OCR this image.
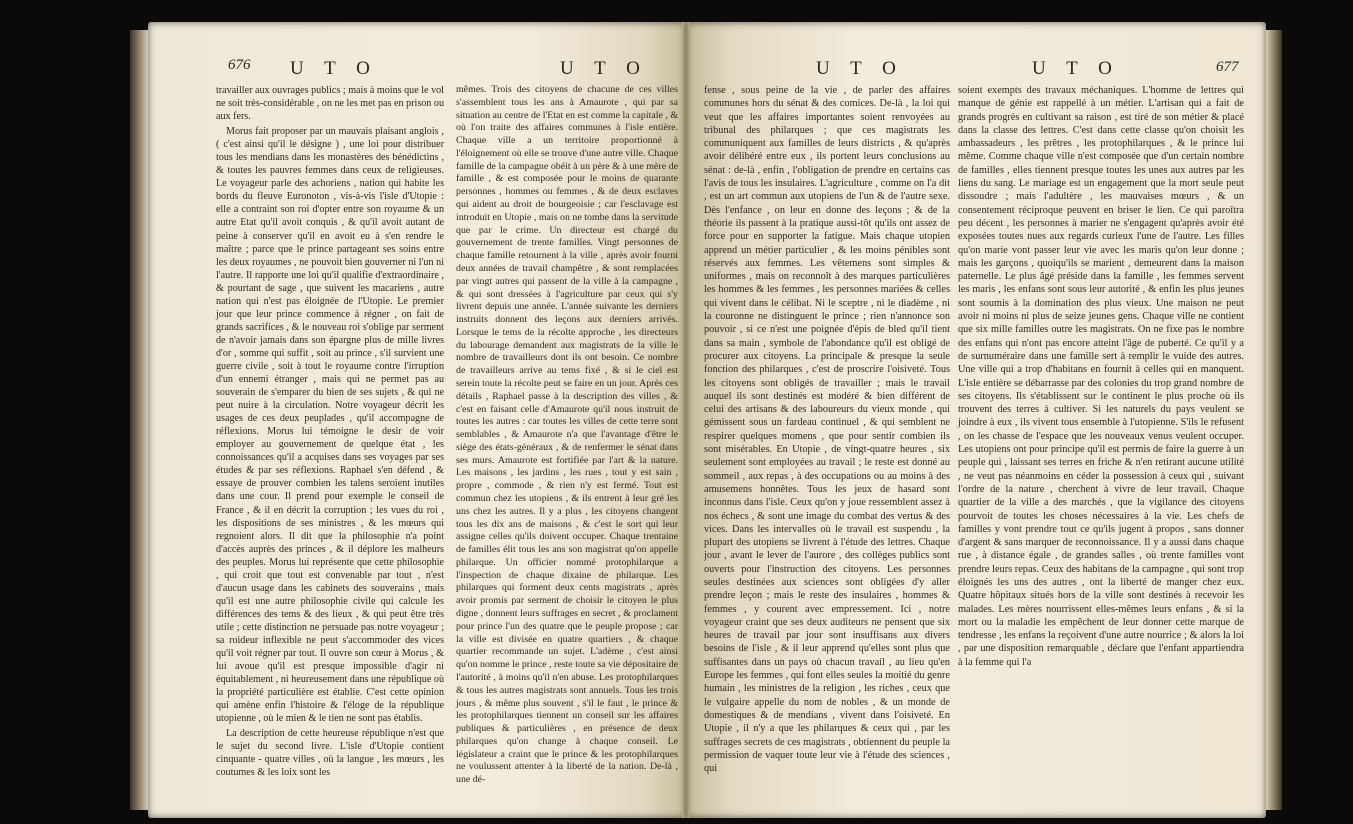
676 U T O	U T O	U T O	U T O	677

travailler aux ouvrages publics ; mais à moins que le vol ne soit très-considérable , on ne les met pas en prison ou aux fers.

Morus fait proposer par un mauvais plaisant anglois , ( c'est ainsi qu'il le désigne ) , une loi pour distribuer tous les mendians dans les monastères des bénédictins , & toutes les pauvres femmes dans ceux de religieuses. Le voyageur parle des achoriens , nation qui habite les bords du fleuve Euronoton , vis-à-vis l'isle d'Utopie : elle a contraint son roi d'opter entre son royaume & un autre Etat qu'il avoit conquis , & qu'il avoit autant de peine à conserver qu'il en avoit eu à s'en rendre le maître ; parce que le prince partageant ses soins entre les deux royaumes , ne pouvoit bien gouverner ni l'un ni l'autre. Il rapporte une loi qu'il qualifie d'extraordinaire , & pourtant de sage , que suivent les macariens , autre nation qui n'est pas éloignée de l'Utopie. Le premier jour que leur prince commence à régner , on fait de grands sacrifices , & le nouveau roi s'oblige par serment de n'avoir jamais dans son épargne plus de mille livres d'or , somme qui suffit , soit au prince , s'il survient une guerre civile , soit à tout le royaume contre l'irruption d'un ennemi étranger , mais qui ne permet pas au souverain de s'emparer du bien de ses sujets , & qui ne peut nuire à la circulation. Notre voyageur décrit les usages de ces deux peuplades , qu'il accompagne de réflexions. Morus lui témoigne le desir de voir employer au gouvernement de quelque état , les connoissances qu'il a acquises dans ses voyages par ses études & par ses réflexions. Raphael s'en défend , & essaye de prouver combien les talens seroient inutiles dans une cour. Il prend pour exemple le conseil de France , & il en décrit la corruption ; les vues du roi , les dispositions de ses ministres , & les mœurs qui regnoient alors. Il dit que la philosophie n'a point d'accès auprès des princes , & il déplore les malheurs des peuples. Morus lui représente que cette philosophie , qui croit que tout est convenable par tout , n'est d'aucun usage dans les cabinets des souverains , mais qu'il est une autre philosophie civile qui calcule les différences des tems & des lieux , & qui peut être très utile ; cette distinction ne persuade pas notre voyageur ; sa roideur inflexible ne peut s'accommoder des vices qu'il voit régner par tout. Il ouvre son cœur à Morus , & lui avoue qu'il est presque impossible d'agir ni équitablement , ni heureusement dans une république où la propriété particulière est établie. C'est cette opinion qui amène enfin l'histoire & l'éloge de la république utopienne , où le mien & le tien ne sont pas établis.

La description de cette heureuse république n'est que le sujet du second livre. L'isle d'Utopie contient cinquante - quatre villes , où la langue , les mœurs , les coutumes & les loix sont les

mêmes. Trois des citoyens de chacune de ces villes s'assemblent tous les ans à Amaurote , qui par sa situation au centre de l'Etat en est comme la capitale , & où l'on traite des affaires communes à l'isle entière. Chaque ville a un territoire proportionné à l'éloignement où elle se trouve d'une autre ville. Chaque famille de la campagne obéit à un père & à une mère de famille , & est composée pour le moins de quarante personnes , hommes ou femmes , & de deux esclaves qui aident au droit de bourgeoisie ; car l'esclavage est introduit en Utopie , mais on ne tombe dans la servitude que par le crime. Un directeur est chargé du gouvernement de trente familles. Vingt personnes de chaque famille retournent à la ville , après avoir fourni deux années de travail champêtre , & sont remplacées par vingt autres qui passent de la ville à la campagne , & qui sont dressées à l'agriculture par ceux qui s'y livrent depuis une année. L'année suivante les derniers instruits donnent des leçons aux derniers arrivés. Lorsque le tems de la récolte approche , les directeurs du labourage demandent aux magistrats de la ville le nombre de travailleurs dont ils ont besoin. Ce nombre de travailleurs arrive au tems fixé , & si le ciel est serein toute la récolte peut se faire en un jour. Après ces détails , Raphael passe à la description des villes , & c'est en faisant celle d'Amaurote qu'il nous instruit de toutes les autres : car toutes les villes de cette terre sont semblables , & Amaurote n'a que l'avantage d'être le siège des états-généraux , & de renfermer le sénat dans ses murs. Amaurote est fortifiée par l'art & la nature. Les maisons , les jardins , les rues , tout y est sain , propre , commode , & rien n'y est fermé. Tout est commun chez les utopiens , & ils entrent à leur gré les uns chez les autres. Il y a plus , les citoyens changent tous les dix ans de maisons , & c'est le sort qui leur assigne celles qu'ils doivent occuper. Chaque trentaine de familles élit tous les ans son magistrat qu'on appelle philarque. Un officier nommé protophilarque a l'inspection de chaque dixaine de philarque. Les philarques qui forment deux cents magistrats , après avoir promis par serment de choisir le citoyen le plus digne , donnent leurs suffrages en secret , & proclament pour prince l'un des quatre que le peuple propose ; car la ville est divisée en quatre quartiers , & chaque quartier recommande un sujet. L'adème , c'est ainsi qu'on nomme le prince , reste toute sa vie dépositaire de l'autorité , à moins qu'il n'en abuse. Les protophilarques & tous les autres magistrats sont annuels. Tous les trois jours , & même plus souvent , s'il le faut , le prince & les protophilarques tiennent un conseil sur les affaires publiques & particulières , en présence de deux philarques qu'on change à chaque conseil. Le législateur a craint que le prince & les protophilarques ne voulussent attenter à la liberté de la nation. De-là , une dé-

fense , sous peine de la vie , de parler des affaires communes hors du sénat & des comices. De-là , la loi qui veut que les affaires importantes soient renvoyées au tribunal des philarques ; que ces magistrats les communiquent aux familles de leurs districts , & qu'après avoir délibéré entre eux , ils portent leurs conclusions au sénat : de-là , enfin , l'obligation de prendre en certains cas l'avis de tous les insulaires. L'agriculture , comme on l'a dit , est un art commun aux utopiens de l'un & de l'autre sexe. Dès l'enfance , on leur en donne des leçons ; & de la théorie ils passent à la pratique aussi-tôt qu'ils ont assez de force pour en supporter la fatigue. Mais chaque utopien apprend un métier particulier , & les moins pénibles sont réservés aux femmes. Les vêtemens sont simples & uniformes , mais on reconnoît à des marques particulières les hommes & les femmes , les personnes mariées & celles qui vivent dans le célibat. Ni le sceptre , ni le diadème , ni la couronne ne distinguent le prince ; rien n'annonce son pouvoir , si ce n'est une poignée d'épis de bled qu'il tient dans sa main , symbole de l'abondance qu'il est obligé de procurer aux citoyens. La principale & presque la seule fonction des philarques , c'est de proscrire l'oisiveté. Tous les citoyens sont obligés de travailler ; mais le travail auquel ils sont destinés est modéré & bien différent de celui des artisans & des laboureurs du vieux monde , qui gémissent sous un fardeau continuel , & qui semblent ne respirer quelques momens , que pour sentir combien ils sont misérables. En Utopie , de vingt-quatre heures , six seulement sont employées au travail ; le reste est donné au sommeil , aux repas , à des occupations ou au moins à des amusemens honnêtes. Tous les jeux de hasard sont inconnus dans l'isle. Ceux qu'on y joue ressemblent assez à nos échecs , & sont une image du combat des vertus & des vices. Dans les intervalles où le travail est suspendu , la plupart des utopiens se livrent à l'étude des lettres. Chaque jour , avant le lever de l'aurore , des collèges publics sont ouverts pour l'instruction des citoyens. Les personnes seules destinées aux sciences sont obligées d'y aller prendre leçon ; mais le reste des insulaires , hommes & femmes , y courent avec empressement. Ici , notre voyageur craint que ses deux auditeurs ne pensent que six heures de travail par jour sont insuffisans aux divers besoins de l'isle , & il leur apprend qu'elles sont plus que suffisantes dans un pays où chacun travail , au lieu qu'en Europe les femmes , qui font elles seules la moitié du genre humain , les ministres de la religion , les riches , ceux que le vulgaire appelle du nom de nobles , & un monde de domestiques & de mendians , vivent dans l'oisiveté. En Utopie , il n'y a que les philarques & ceux qui , par les suffrages secrets de ces magistrats , obtiennent du peuple la permission de vaquer toute leur vie à l'étude des sciences , qui

soient exempts des travaux méchaniques. L'homme de lettres qui manque de génie est rappellé à un métier. L'artisan qui a fait de grands progrès en cultivant sa raison , est tiré de son métier & placé dans la classe des lettres. C'est dans cette classe qu'on choisit les ambassadeurs , les prêtres , les protophilarques , & le prince lui même. Comme chaque ville n'est composée que d'un certain nombre de familles , elles tiennent presque toutes les unes aux autres par les liens du sang. Le mariage est un engagement que la mort seule peut dissoudre ; mais l'adultère , les mauvaises mœurs , & un consentement réciproque peuvent en briser le lien. Ce qui paroîtra peu décent , les personnes à marier ne s'engagent qu'après avoir été exposées toutes nues aux regards curieux l'une de l'autre. Les filles qu'on marie vont passer leur vie avec les maris qu'on leur donne ; mais les garçons , quoiqu'ils se marient , demeurent dans la maison paternelle. Le plus âgé préside dans la famille , les femmes servent les maris , les enfans sont sous leur autorité , & enfin les plus jeunes sont soumis à la domination des plus vieux. Une maison ne peut avoir ni moins ni plus de seize jeunes gens. Chaque ville ne contient que six mille familles outre les magistrats. On ne fixe pas le nombre des enfans qui n'ont pas encore atteint l'âge de puberté. Ce qu'il y a de surnuméraire dans une famille sert à remplir le vuide des autres. Une ville qui a trop d'habitans en fournit à celles qui en manquent. L'isle entière se débarrasse par des colonies du trop grand nombre de ses citoyens. Ils s'établissent sur le continent le plus proche où ils trouvent des terres à cultiver. Si les naturels du pays veulent se joindre à eux , ils vivent tous ensemble à l'utopienne. S'ils le refusent , on les chasse de l'espace que les nouveaux venus veulent occuper. Les utopiens ont pour principe qu'il est permis de faire la guerre à un peuple qui , laissant ses terres en friche & n'en retirant aucune utilité , ne veut pas néanmoins en céder la possession à ceux qui , suivant l'ordre de la nature , cherchent à vivre de leur travail. Chaque quartier de la ville a des marchés , que la vigilance des citoyens pourvoit de toutes les choses nécessaires à la vie. Les chefs de familles y vont prendre tout ce qu'ils jugent à propos , sans donner d'argent & sans marquer de reconnoissance. Il y a aussi dans chaque rue , à distance égale , de grandes salles , où trente familles vont prendre leurs repas. Ceux des habitans de la campagne , qui sont trop éloignés les uns des autres , ont la liberté de manger chez eux. Quatre hôpitaux situés hors de la ville sont destinés à recevoir les malades. Les mères nourrissent elles-mêmes leurs enfans , & si la mort ou la maladie les empêchent de leur donner cette marque de tendresse , les enfans la reçoivent d'une autre nourrice ; & alors la loi , par une disposition remarquable , déclare que l'enfant appartiendra à la femme qui l'a
